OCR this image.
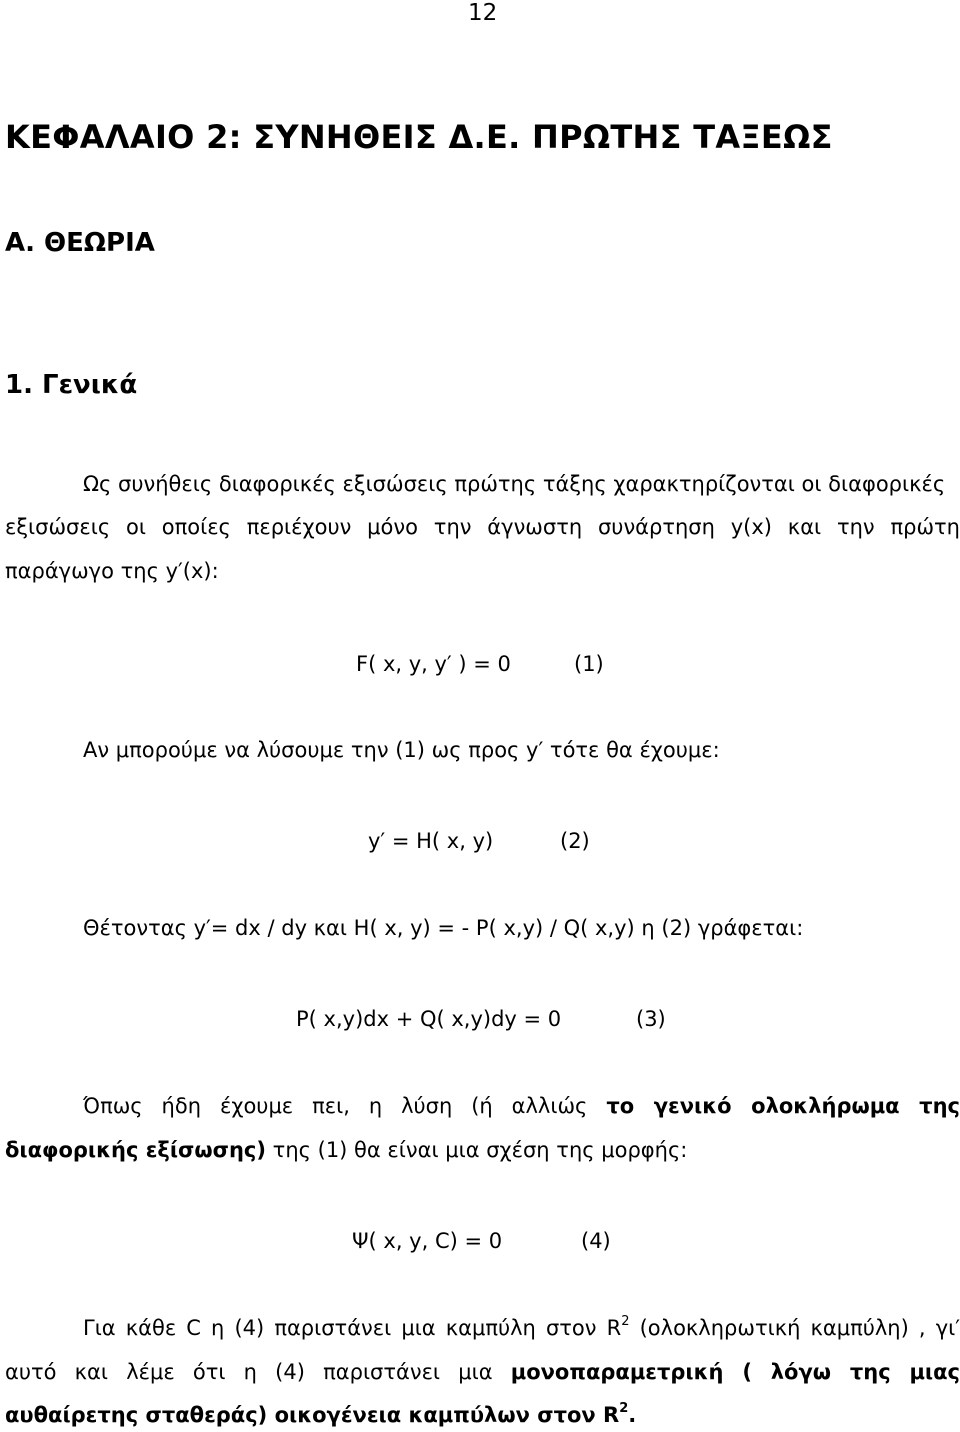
12
ΚΕΦΑΛΑΙΟ 2: ΣΥΝΗΘΕΙΣ Δ.Ε. ΠΡΩΤΗΣ ΤΑΞΕΩΣ
Α. ΘΕΩΡΙΑ
1. Γενικά
Ως συνήθεις διαφορικές εξισώσεις πρώτης τάξης χαρακτηρίζονται οι διαφορικές
εξισώσεις οι οποίες περιέχουν μόνο την άγνωστη συνάρτηση y(x) και την πρώτη
παράγωγο της y′(x):
F( x, y, y′ ) = 0	(1)
Αν μπορούμε να λύσουμε την (1) ως προς y′ τότε θα έχουμε:
y′ = H( x, y)	(2)
Θέτοντας y′= dx / dy και H( x, y) = - P( x,y) / Q( x,y) η (2) γράφεται:
P( x,y)dx + Q( x,y)dy = 0	(3)
Όπως ήδη έχουμε πει, η λύση (ή αλλιώς το γενικό ολοκλήρωμα της
διαφορικής εξίσωσης) της (1) θα είναι μια σχέση της μορφής:
Ψ( x, y, C) = 0	(4)
Για κάθε C η (4) παριστάνει μια καμπύλη στον $R^2$ (ολοκληρωτική καμπύλη) , γι′
αυτό και λέμε ότι η (4) παριστάνει μια μονοπαραμετρική ( λόγω της μιας
αυθαίρετης σταθεράς) οικογένεια καμπύλων στον $R^2$.
